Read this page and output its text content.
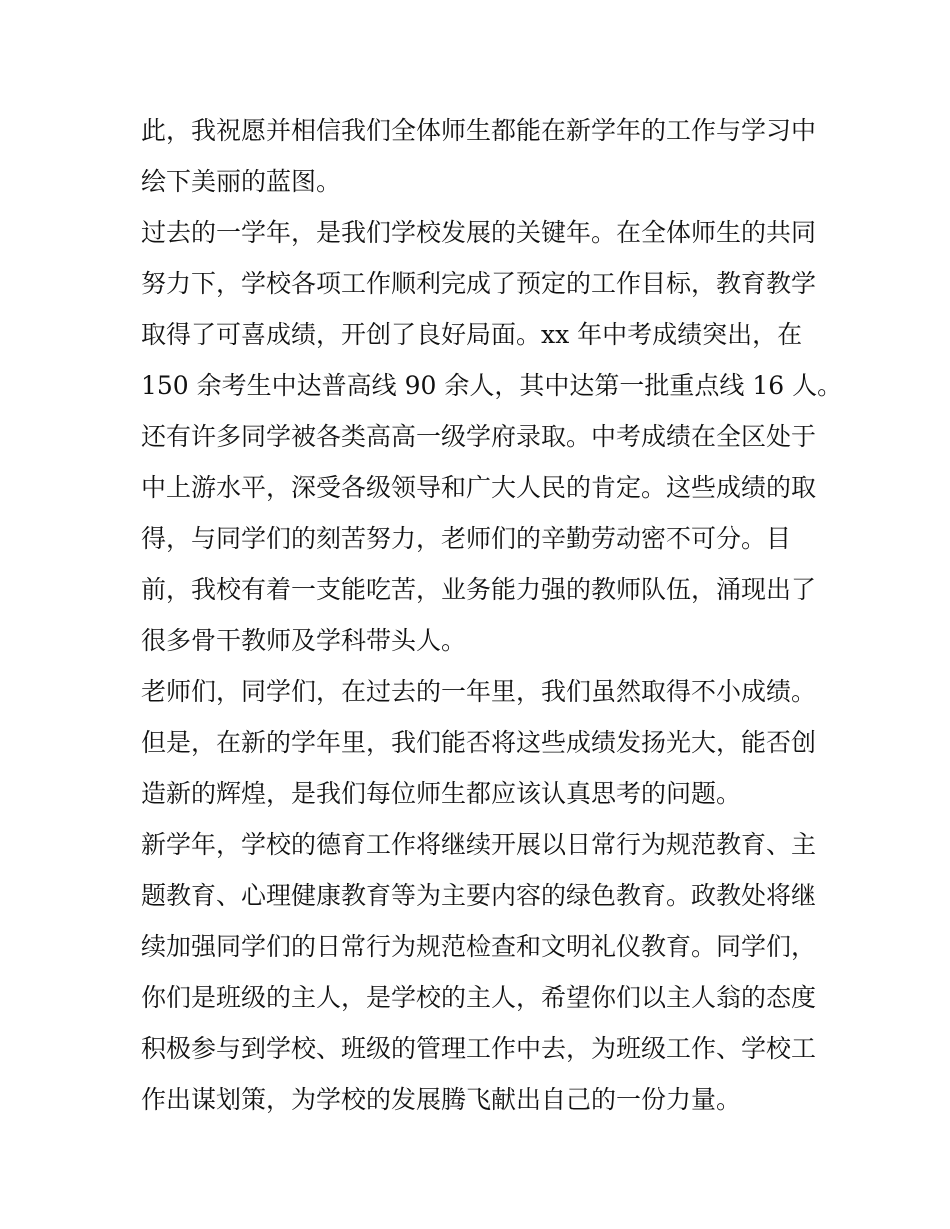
此，我祝愿并相信我们全体师生都能在新学年的工作与学习中
绘下美丽的蓝图。
过去的一学年，是我们学校发展的关键年。在全体师生的共同
努力下，学校各项工作顺利完成了预定的工作目标，教育教学
取得了可喜成绩，开创了良好局面。xx 年中考成绩突出，在
150 余考生中达普高线 90 余人，其中达第一批重点线 16 人。
还有许多同学被各类高高一级学府录取。中考成绩在全区处于
中上游水平，深受各级领导和广大人民的肯定。这些成绩的取
得，与同学们的刻苦努力，老师们的辛勤劳动密不可分。目
前，我校有着一支能吃苦，业务能力强的教师队伍，涌现出了
很多骨干教师及学科带头人。
老师们，同学们，在过去的一年里，我们虽然取得不小成绩。
但是，在新的学年里，我们能否将这些成绩发扬光大，能否创
造新的辉煌，是我们每位师生都应该认真思考的问题。
新学年，学校的德育工作将继续开展以日常行为规范教育、主
题教育、心理健康教育等为主要内容的绿色教育。政教处将继
续加强同学们的日常行为规范检查和文明礼仪教育。同学们，
你们是班级的主人，是学校的主人，希望你们以主人翁的态度
积极参与到学校、班级的管理工作中去，为班级工作、学校工
作出谋划策，为学校的发展腾飞献出自己的一份力量。
